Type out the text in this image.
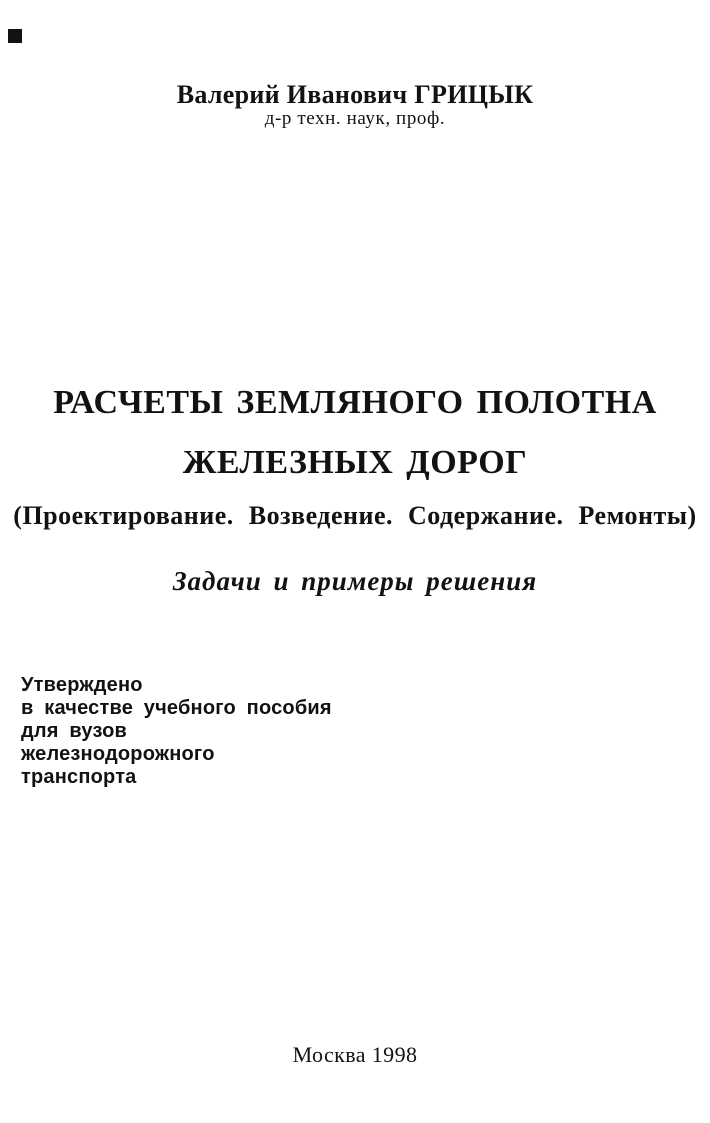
Валерий Иванович ГРИЦЫК
д-р техн. наук, проф.
РАСЧЕТЫ ЗЕМЛЯНОГО ПОЛОТНА
ЖЕЛЕЗНЫХ ДОРОГ
(Проектирование. Возведение. Содержание. Ремонты)
Задачи и примеры решения
Утверждено
в качестве учебного пособия
для вузов
железнодорожного
транспорта
Москва 1998
